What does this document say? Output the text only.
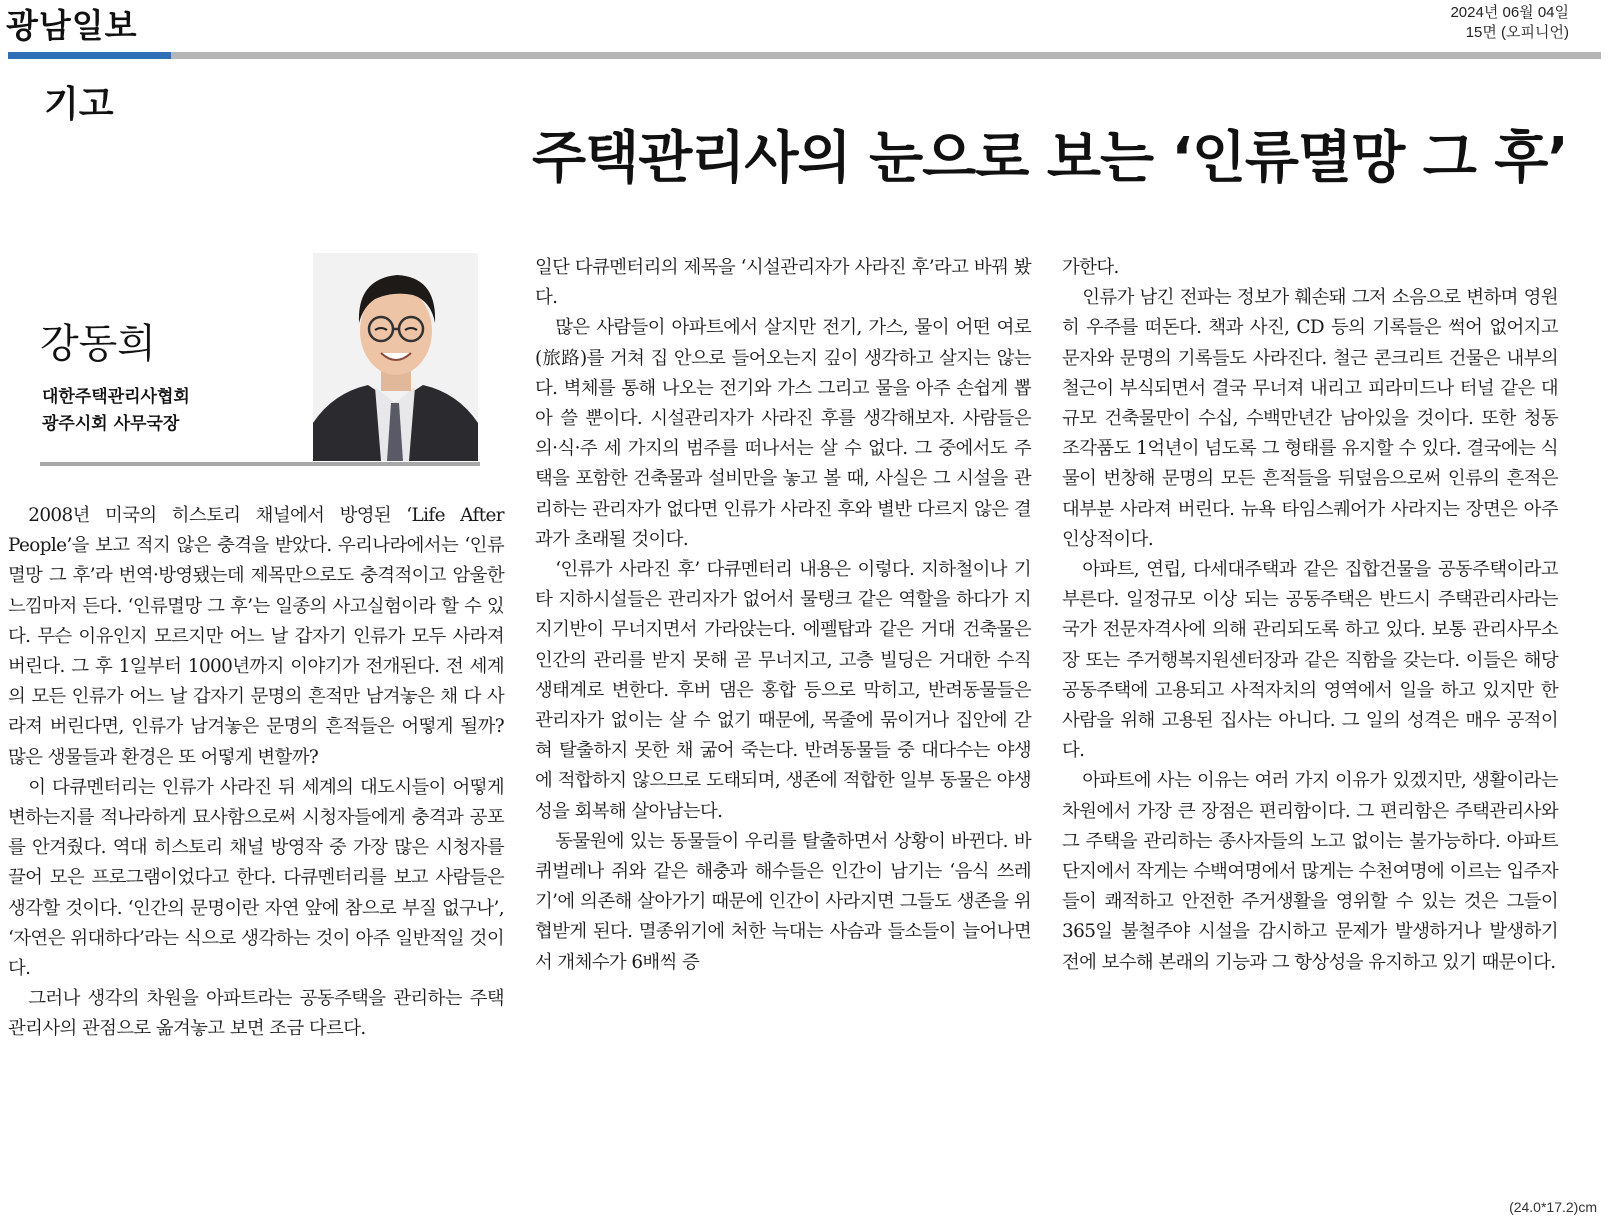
광남일보	2024년 06월 04일
15면 (오피니언)
기고
주택관리사의 눈으로 보는 ‘인류멸망 그 후’
강동희
대한주택관리사협회
광주시회 사무국장

2008년 미국의 히스토리 채널에서 방영된 ‘Life After People’을 보고 적지 않은 충격을 받았다. 우리나라에서는 ‘인류멸망 그 후’라 번역·방영됐는데 제목만으로도 충격적이고 암울한 느낌마저 든다. ‘인류멸망 그 후’는 일종의 사고실험이라 할 수 있다. 무슨 이유인지 모르지만 어느 날 갑자기 인류가 모두 사라져버린다. 그 후 1일부터 1000년까지 이야기가 전개된다. 전 세계의 모든 인류가 어느 날 갑자기 문명의 흔적만 남겨놓은 채 다 사라져 버린다면, 인류가 남겨놓은 문명의 흔적들은 어떻게 될까? 많은 생물들과 환경은 또 어떻게 변할까?

이 다큐멘터리는 인류가 사라진 뒤 세계의 대도시들이 어떻게 변하는지를 적나라하게 묘사함으로써 시청자들에게 충격과 공포를 안겨줬다. 역대 히스토리 채널 방영작 중 가장 많은 시청자를 끌어 모은 프로그램이었다고 한다. 다큐멘터리를 보고 사람들은 생각할 것이다. ‘인간의 문명이란 자연 앞에 참으로 부질 없구나’, ‘자연은 위대하다’라는 식으로 생각하는 것이 아주 일반적일 것이다.

그러나 생각의 차원을 아파트라는 공동주택을 관리하는 주택관리사의 관점으로 옮겨놓고 보면 조금 다르다.

일단 다큐멘터리의 제목을 ‘시설관리자가 사라진 후’라고 바꿔 봤다.

많은 사람들이 아파트에서 살지만 전기, 가스, 물이 어떤 여로(旅路)를 거쳐 집 안으로 들어오는지 깊이 생각하고 살지는 않는다. 벽체를 통해 나오는 전기와 가스 그리고 물을 아주 손쉽게 뽑아 쓸 뿐이다. 시설관리자가 사라진 후를 생각해보자. 사람들은 의·식·주 세 가지의 범주를 떠나서는 살 수 없다. 그 중에서도 주택을 포함한 건축물과 설비만을 놓고 볼 때, 사실은 그 시설을 관리하는 관리자가 없다면 인류가 사라진 후와 별반 다르지 않은 결과가 초래될 것이다.

‘인류가 사라진 후’ 다큐멘터리 내용은 이렇다. 지하철이나 기타 지하시설들은 관리자가 없어서 물탱크 같은 역할을 하다가 지지기반이 무너지면서 가라앉는다. 에펠탑과 같은 거대 건축물은 인간의 관리를 받지 못해 곧 무너지고, 고층 빌딩은 거대한 수직생태계로 변한다. 후버 댐은 홍합 등으로 막히고, 반려동물들은 관리자가 없이는 살 수 없기 때문에, 목줄에 묶이거나 집안에 갇혀 탈출하지 못한 채 굶어 죽는다. 반려동물들 중 대다수는 야생에 적합하지 않으므로 도태되며, 생존에 적합한 일부 동물은 야생성을 회복해 살아남는다.

동물원에 있는 동물들이 우리를 탈출하면서 상황이 바뀐다. 바퀴벌레나 쥐와 같은 해충과 해수들은 인간이 남기는 ‘음식 쓰레기’에 의존해 살아가기 때문에 인간이 사라지면 그들도 생존을 위협받게 된다. 멸종위기에 처한 늑대는 사슴과 들소들이 늘어나면서 개체수가 6배씩 증

가한다.

인류가 남긴 전파는 정보가 훼손돼 그저 소음으로 변하며 영원히 우주를 떠돈다. 책과 사진, CD 등의 기록들은 썩어 없어지고 문자와 문명의 기록들도 사라진다. 철근 콘크리트 건물은 내부의 철근이 부식되면서 결국 무너져 내리고 피라미드나 터널 같은 대규모 건축물만이 수십, 수백만년간 남아있을 것이다. 또한 청동 조각품도 1억년이 넘도록 그 형태를 유지할 수 있다. 결국에는 식물이 번창해 문명의 모든 흔적들을 뒤덮음으로써 인류의 흔적은 대부분 사라져 버린다. 뉴욕 타임스퀘어가 사라지는 장면은 아주 인상적이다.

아파트, 연립, 다세대주택과 같은 집합건물을 공동주택이라고 부른다. 일정규모 이상 되는 공동주택은 반드시 주택관리사라는 국가 전문자격사에 의해 관리되도록 하고 있다. 보통 관리사무소장 또는 주거행복지원센터장과 같은 직함을 갖는다. 이들은 해당 공동주택에 고용되고 사적자치의 영역에서 일을 하고 있지만 한 사람을 위해 고용된 집사는 아니다. 그 일의 성격은 매우 공적이다.

아파트에 사는 이유는 여러 가지 이유가 있겠지만, 생활이라는 차원에서 가장 큰 장점은 편리함이다. 그 편리함은 주택관리사와 그 주택을 관리하는 종사자들의 노고 없이는 불가능하다. 아파트 단지에서 작게는 수백여명에서 많게는 수천여명에 이르는 입주자들이 쾌적하고 안전한 주거생활을 영위할 수 있는 것은 그들이 365일 불철주야 시설을 감시하고 문제가 발생하거나 발생하기 전에 보수해 본래의 기능과 그 항상성을 유지하고 있기 때문이다.

(24.0*17.2)cm
